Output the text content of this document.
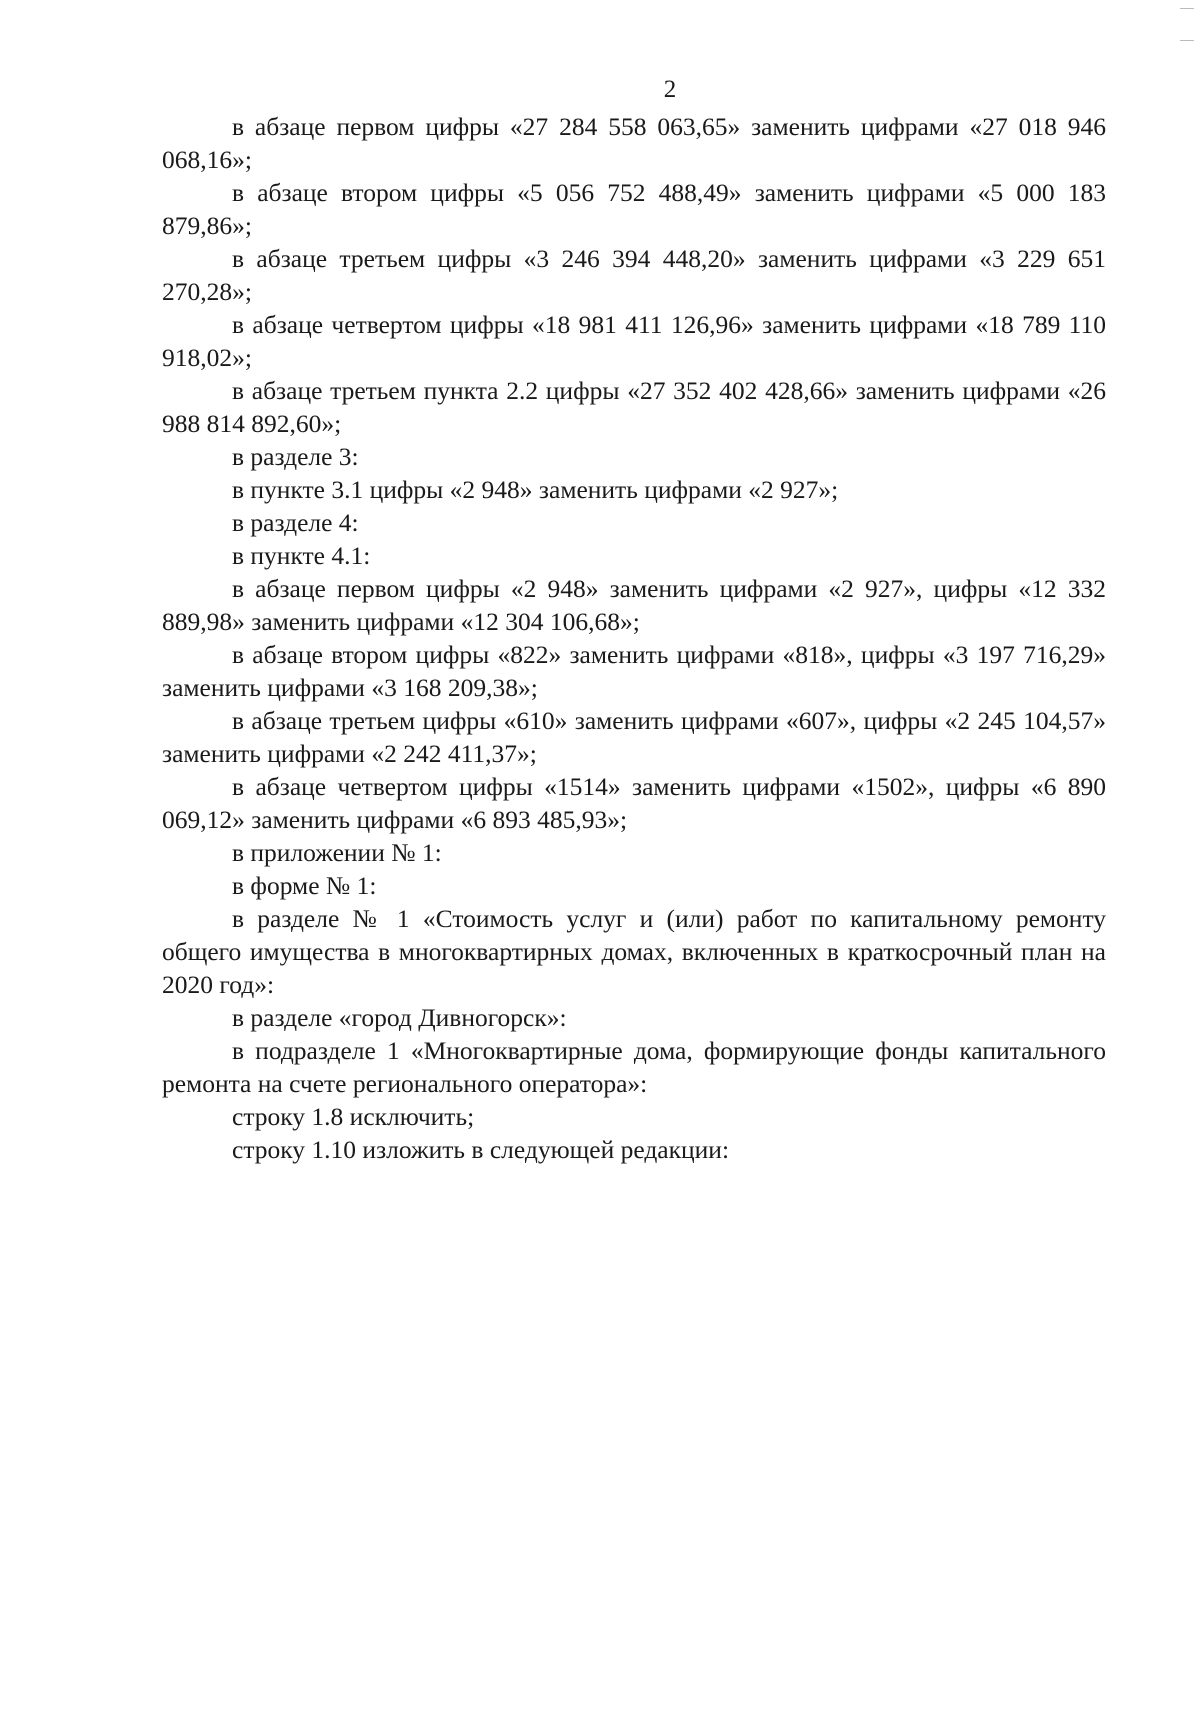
2

в абзаце первом цифры «27 284 558 063,65» заменить цифрами «27 018 946 068,16»;

в абзаце втором цифры «5 056 752 488,49» заменить цифрами «5 000 183 879,86»;

в абзаце третьем цифры «3 246 394 448,20» заменить цифрами «3 229 651 270,28»;

в абзаце четвертом цифры «18 981 411 126,96» заменить цифрами «18 789 110 918,02»;

в абзаце третьем пункта 2.2 цифры «27 352 402 428,66» заменить цифрами «26 988 814 892,60»;

в разделе 3:

в пункте 3.1 цифры «2 948» заменить цифрами «2 927»;

в разделе 4:

в пункте 4.1:

в абзаце первом цифры «2 948» заменить цифрами «2 927», цифры «12 332 889,98» заменить цифрами «12 304 106,68»;

в абзаце втором цифры «822» заменить цифрами «818», цифры «3 197 716,29» заменить цифрами «3 168 209,38»;

в абзаце третьем цифры «610» заменить цифрами «607», цифры «2 245 104,57» заменить цифрами «2 242 411,37»;

в абзаце четвертом цифры «1514» заменить цифрами «1502», цифры «6 890 069,12» заменить цифрами «6 893 485,93»;

в приложении № 1:

в форме № 1:

в разделе № 1 «Стоимость услуг и (или) работ по капитальному ремонту общего имущества в многоквартирных домах, включенных в краткосрочный план на 2020 год»:

в разделе «город Дивногорск»:

в подразделе 1 «Многоквартирные дома, формирующие фонды капитального ремонта на счете регионального оператора»:

строку 1.8 исключить;

строку 1.10 изложить в следующей редакции:
